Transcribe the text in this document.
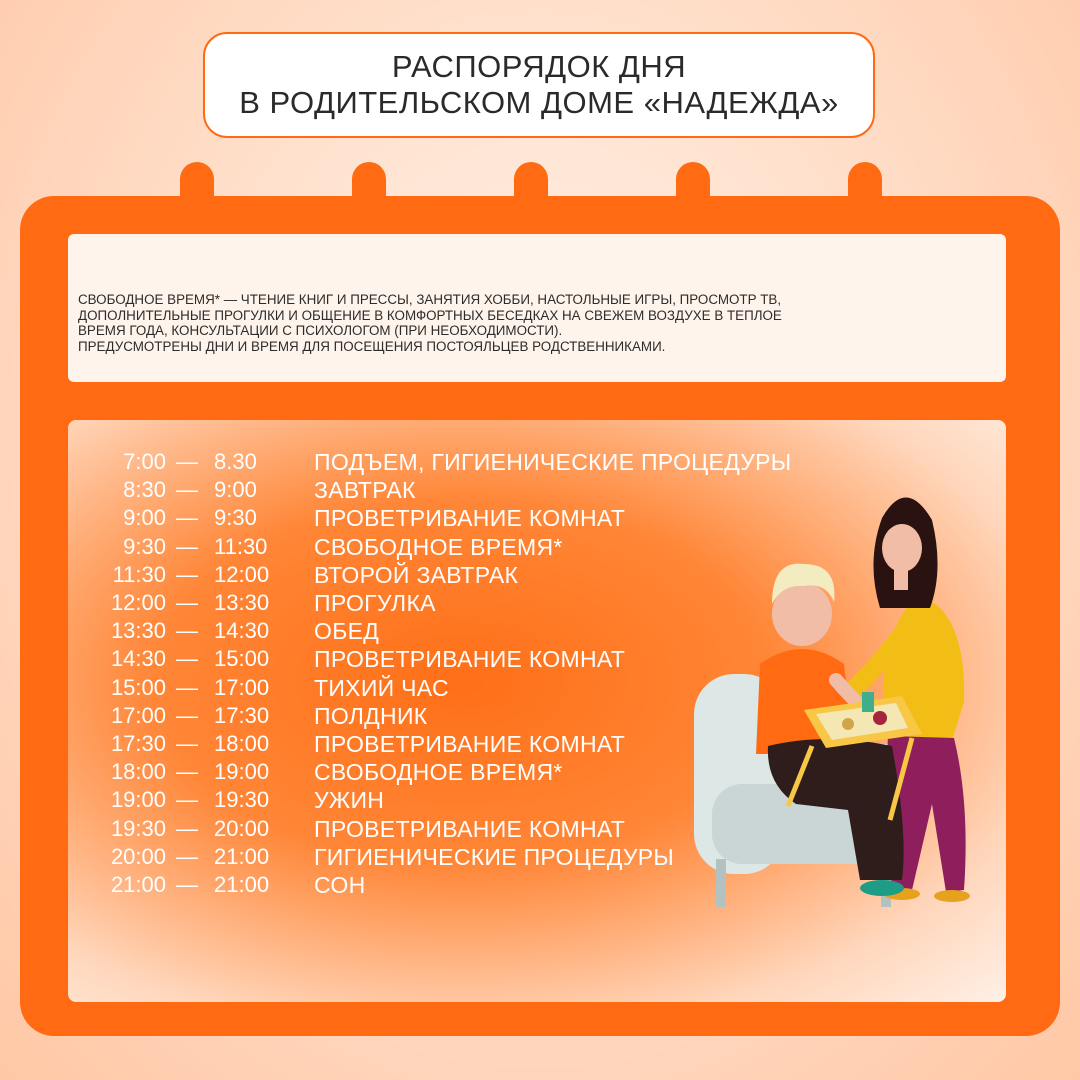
РАСПОРЯДОК ДНЯ
В РОДИТЕЛЬСКОМ ДОМЕ «НАДЕЖДА»
СВОБОДНОЕ ВРЕМЯ* — ЧТЕНИЕ КНИГ И ПРЕССЫ, ЗАНЯТИЯ ХОББИ, НАСТОЛЬНЫЕ ИГРЫ, ПРОСМОТР ТВ,
ДОПОЛНИТЕЛЬНЫЕ ПРОГУЛКИ И ОБЩЕНИЕ В КОМФОРТНЫХ БЕСЕДКАХ НА СВЕЖЕМ ВОЗДУХЕ В ТЕПЛОЕ
ВРЕМЯ ГОДА, КОНСУЛЬТАЦИИ С ПСИХОЛОГОМ (ПРИ НЕОБХОДИМОСТИ).
ПРЕДУСМОТРЕНЫ ДНИ И ВРЕМЯ ДЛЯ ПОСЕЩЕНИЯ ПОСТОЯЛЬЦЕВ РОДСТВЕННИКАМИ.
7:00 — 8.30	ПОДЪЕМ, ГИГИЕНИЧЕСКИЕ ПРОЦЕДУРЫ
8:30 — 9:00	ЗАВТРАК
9:00 — 9:30	ПРОВЕТРИВАНИЕ КОМНАТ
9:30 — 11:30	СВОБОДНОЕ ВРЕМЯ*
11:30 — 12:00	ВТОРОЙ ЗАВТРАК
12:00 — 13:30	ПРОГУЛКА
13:30 — 14:30	ОБЕД
14:30 — 15:00	ПРОВЕТРИВАНИЕ КОМНАТ
15:00 — 17:00	ТИХИЙ ЧАС
17:00 — 17:30	ПОЛДНИК
17:30 — 18:00	ПРОВЕТРИВАНИЕ КОМНАТ
18:00 — 19:00	СВОБОДНОЕ ВРЕМЯ*
19:00 — 19:30	УЖИН
19:30 — 20:00	ПРОВЕТРИВАНИЕ КОМНАТ
20:00 — 21:00	ГИГИЕНИЧЕСКИЕ ПРОЦЕДУРЫ
21:00 — 21:00	СОН
